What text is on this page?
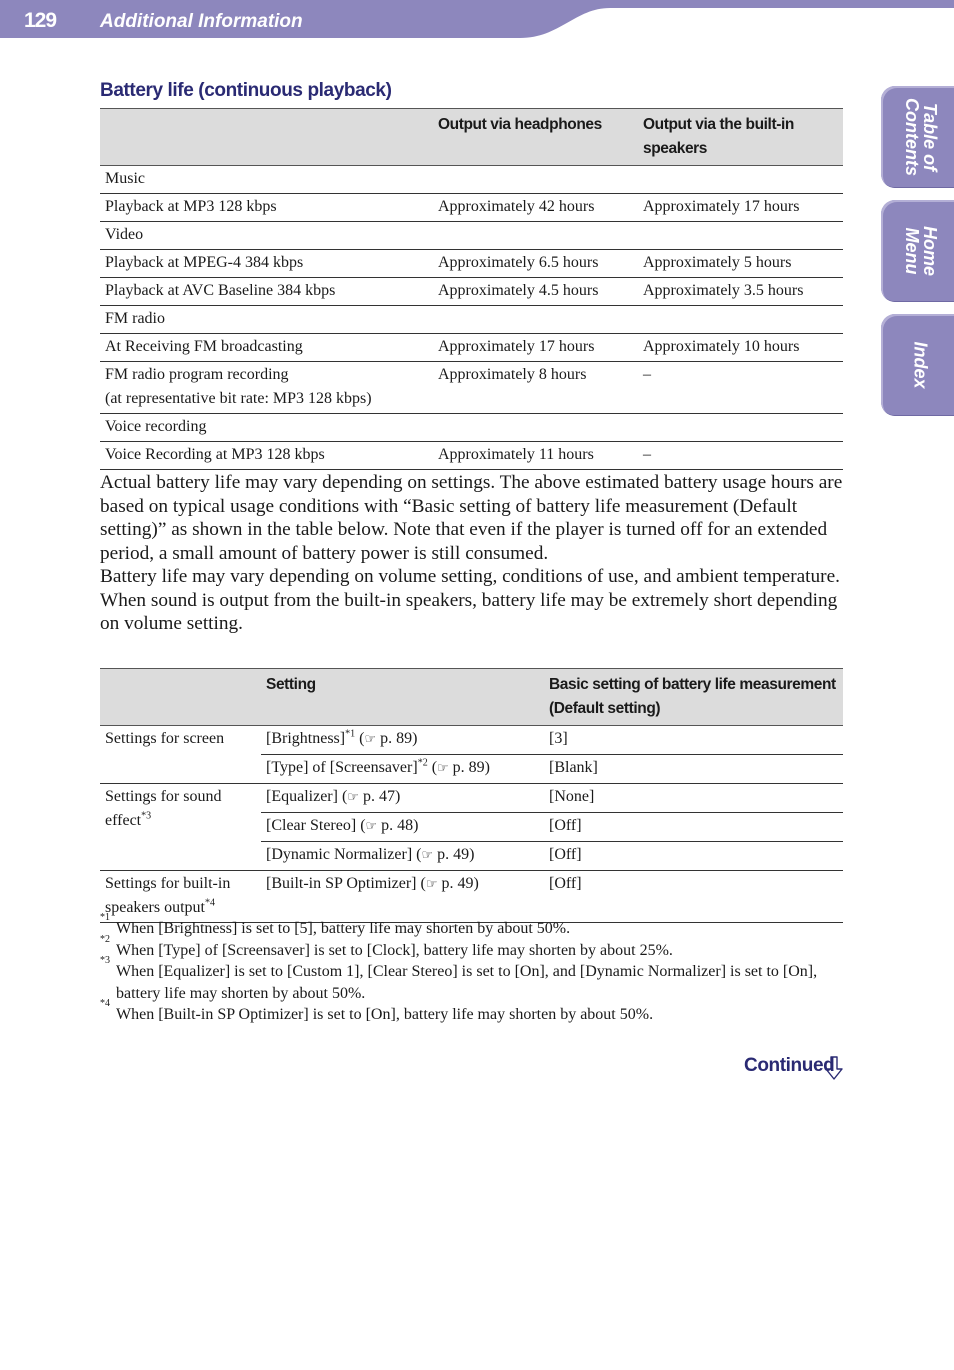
129 Additional Information
Table of
Contents
Home
Menu
Index
Battery life (continuous playback)
	Output via headphones	Output via the built-in speakers
Music		
Playback at MP3 128 kbps	Approximately 42 hours	Approximately 17 hours
Video		
Playback at MPEG-4 384 kbps	Approximately 6.5 hours	Approximately 5 hours
Playback at AVC Baseline 384 kbps	Approximately 4.5 hours	Approximately 3.5 hours
FM radio		
At Receiving FM broadcasting	Approximately 17 hours	Approximately 10 hours
FM radio program recording
(at representative bit rate: MP3 128 kbps)	Approximately 8 hours	–
Voice recording		
Voice Recording at MP3 128 kbps	Approximately 11 hours	–

Actual battery life may vary depending on settings. The above estimated battery usage hours are based on typical usage conditions with “Basic setting of battery life measurement (Default setting)” as shown in the table below. Note that even if the player is turned off for an extended period, a small amount of battery power is still consumed.

Battery life may vary depending on volume setting, conditions of use, and ambient temperature.

When sound is output from the built-in speakers, battery life may be extremely short depending on volume setting.

	Setting	Basic setting of battery life measurement (Default setting)
Settings for screen	[Brightness]$^{*1}$ (☞ p. 89)	[3]
	[Type] of [Screensaver]$^{*2}$ (☞ p. 89)	[Blank]
Settings for sound effect$^{*3}$	[Equalizer] (☞ p. 47)	[None]
	[Clear Stereo] (☞ p. 48)	[Off]
	[Dynamic Normalizer] (☞ p. 49)	[Off]
Settings for built-in speakers output$^{*4}$	[Built-in SP Optimizer] (☞ p. 49)	[Off]
*1
When [Brightness] is set to [5], battery life may shorten by about 50%.
*2
When [Type] of [Screensaver] is set to [Clock], battery life may shorten by about 25%.
*3
When [Equalizer] is set to [Custom 1], [Clear Stereo] is set to [On], and [Dynamic Normalizer] is set to [On], battery life may shorten by about 50%.
*4
When [Built-in SP Optimizer] is set to [On], battery life may shorten by about 50%.
Continued
